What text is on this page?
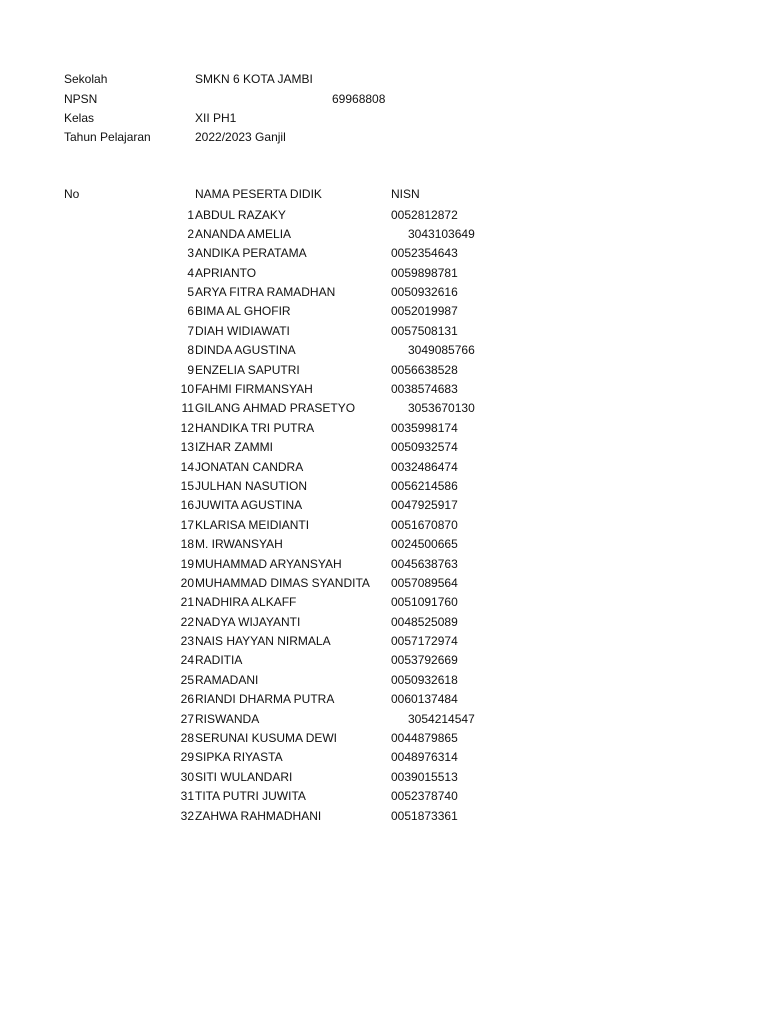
Sekolah	SMKN 6 KOTA JAMBI
NPSN	69968808
Kelas	XII PH1
Tahun Pelajaran	2022/2023 Ganjil
No	NAMA PESERTA DIDIK	NISN
1 ABDUL RAZAKY	0052812872
2 ANANDA AMELIA	3043103649
3 ANDIKA PERATAMA	0052354643
4 APRIANTO	0059898781
5 ARYA FITRA RAMADHAN	0050932616
6 BIMA AL GHOFIR	0052019987
7 DIAH WIDIAWATI	0057508131
8 DINDA AGUSTINA	3049085766
9 ENZELIA SAPUTRI	0056638528
10 FAHMI FIRMANSYAH	0038574683
11 GILANG AHMAD PRASETYO	3053670130
12 HANDIKA TRI PUTRA	0035998174
13 IZHAR ZAMMI	0050932574
14 JONATAN CANDRA	0032486474
15 JULHAN NASUTION	0056214586
16 JUWITA AGUSTINA	0047925917
17 KLARISA MEIDIANTI	0051670870
18 M. IRWANSYAH	0024500665
19 MUHAMMAD ARYANSYAH	0045638763
20 MUHAMMAD DIMAS SYANDITA 0057089564
21 NADHIRA ALKAFF	0051091760
22 NADYA WIJAYANTI	0048525089
23 NAIS HAYYAN NIRMALA	0057172974
24 RADITIA	0053792669
25 RAMADANI	0050932618
26 RIANDI DHARMA PUTRA	0060137484
27 RISWANDA	3054214547
28 SERUNAI KUSUMA DEWI	0044879865
29 SIPKA RIYASTA	0048976314
30 SITI WULANDARI	0039015513
31 TITA PUTRI JUWITA	0052378740
32 ZAHWA RAHMADHANI	0051873361
